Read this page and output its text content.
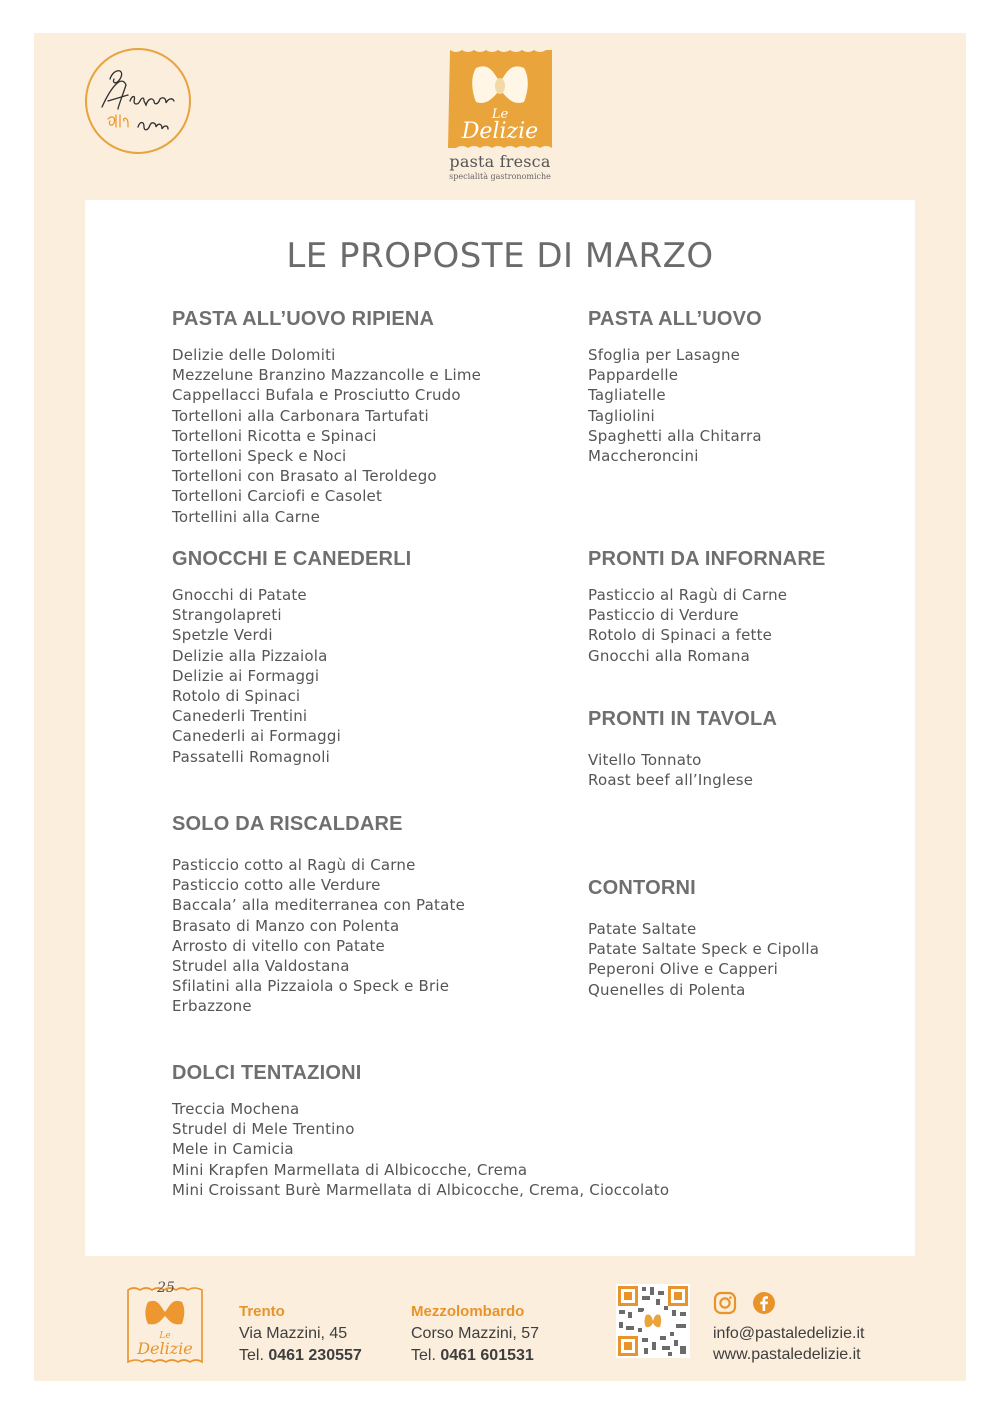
Le
Delizie
pasta fresca
specialità gastronomiche
LE PROPOSTE DI MARZO
PASTA ALL’UOVO RIPIENA
Delizie delle Dolomiti
Mezzelune Branzino Mazzancolle e Lime
Cappellacci Bufala e Prosciutto Crudo
Tortelloni alla Carbonara Tartufati
Tortelloni Ricotta e Spinaci
Tortelloni Speck e Noci
Tortelloni con Brasato al Teroldego
Tortelloni Carciofi e Casolet
Tortellini alla Carne
PASTA ALL’UOVO
Sfoglia per Lasagne
Pappardelle
Tagliatelle
Tagliolini
Spaghetti alla Chitarra
Maccheroncini
GNOCCHI E CANEDERLI
Gnocchi di Patate
Strangolapreti
Spetzle Verdi
Delizie alla Pizzaiola
Delizie ai Formaggi
Rotolo di Spinaci
Canederli Trentini
Canederli ai Formaggi
Passatelli Romagnoli
PRONTI DA INFORNARE
Pasticcio al Ragù di Carne
Pasticcio di Verdure
Rotolo di Spinaci a fette
Gnocchi alla Romana
PRONTI IN TAVOLA
Vitello Tonnato
Roast beef all’Inglese
SOLO DA RISCALDARE
Pasticcio cotto al Ragù di Carne
Pasticcio cotto alle Verdure
Baccala’ alla mediterranea con Patate
Brasato di Manzo con Polenta
Arrosto di vitello con Patate
Strudel alla Valdostana
Sfilatini alla Pizzaiola o Speck e Brie
Erbazzone
CONTORNI
Patate Saltate
Patate Saltate Speck e Cipolla
Peperoni Olive e Capperi
Quenelles di Polenta
DOLCI TENTAZIONI
Treccia Mochena
Strudel di Mele Trentino
Mele in Camicia
Mini Krapfen Marmellata di Albicocche, Crema
Mini Croissant Burè Marmellata di Albicocche, Crema, Cioccolato
25
Le
Delizie
Trento
Via Mazzini, 45
Tel. 0461 230557
Mezzolombardo
Corso Mazzini, 57
Tel. 0461 601531
info@pastaledelizie.it
www.pastaledelizie.it
